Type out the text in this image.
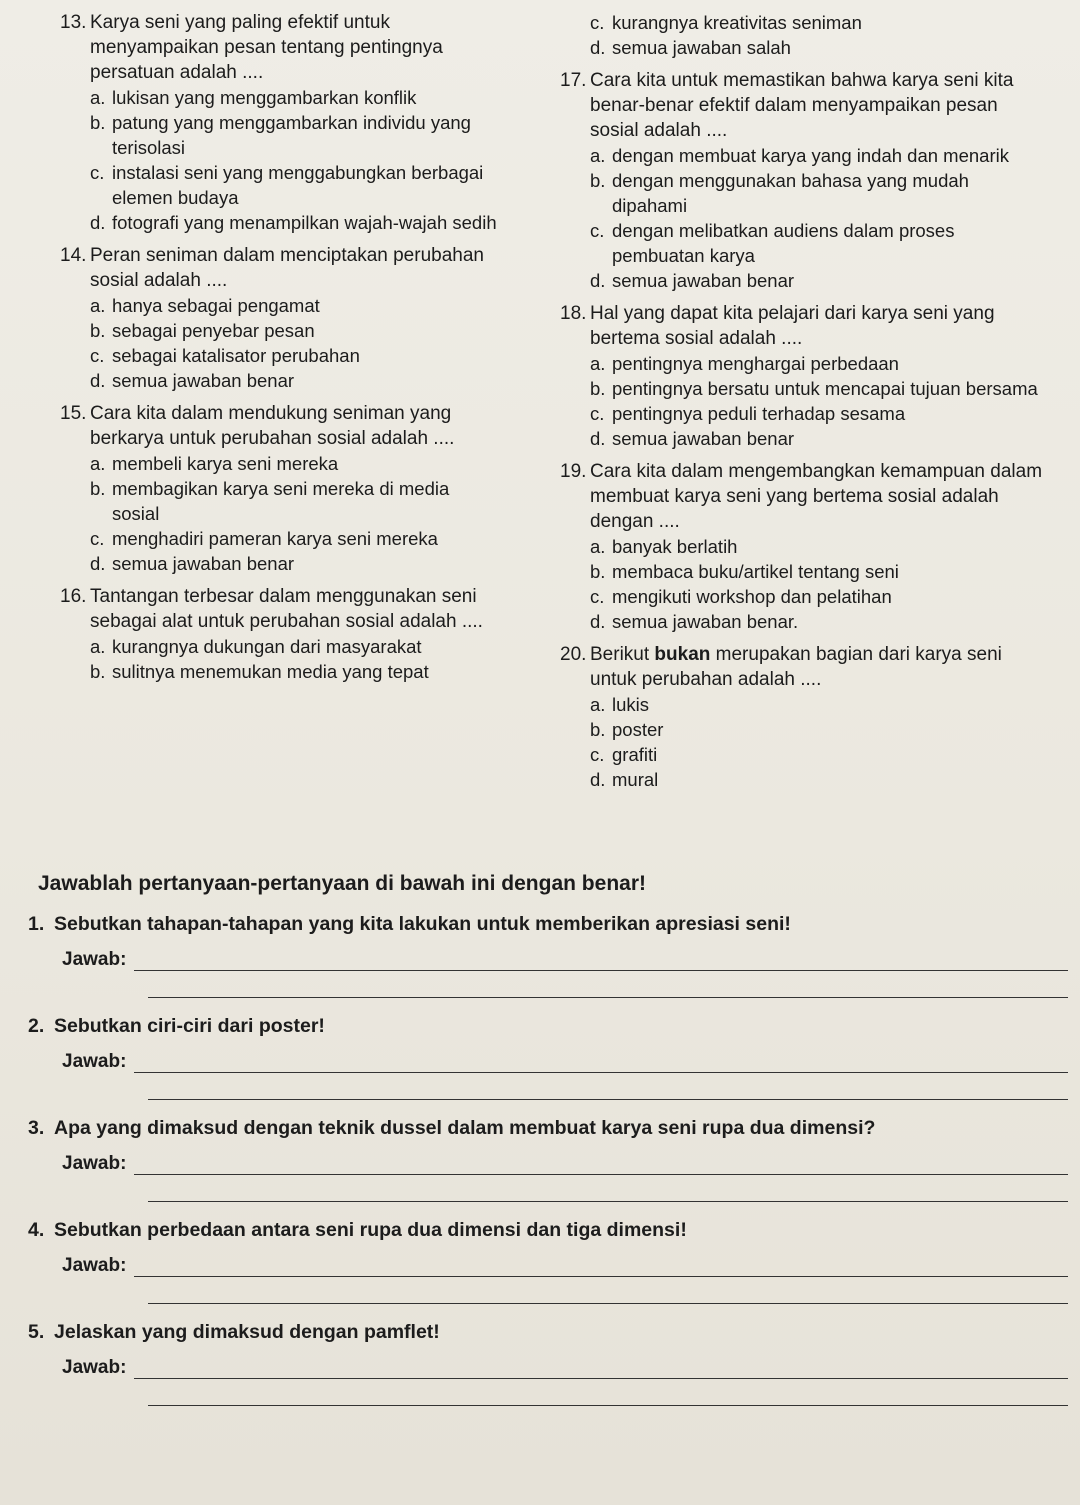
13. Karya seni yang paling efektif untuk menyampaikan pesan tentang pentingnya persatuan adalah ....
a. lukisan yang menggambarkan konflik
b. patung yang menggambarkan individu yang terisolasi
c. instalasi seni yang menggabungkan berbagai elemen budaya
d. fotografi yang menampilkan wajah-wajah sedih
14. Peran seniman dalam menciptakan perubahan sosial adalah ....
a. hanya sebagai pengamat
b. sebagai penyebar pesan
c. sebagai katalisator perubahan
d. semua jawaban benar
15. Cara kita dalam mendukung seniman yang berkarya untuk perubahan sosial adalah ....
a. membeli karya seni mereka
b. membagikan karya seni mereka di media sosial
c. menghadiri pameran karya seni mereka
d. semua jawaban benar
16. Tantangan terbesar dalam menggunakan seni sebagai alat untuk perubahan sosial adalah ....
a. kurangnya dukungan dari masyarakat
b. sulitnya menemukan media yang tepat
c. kurangnya kreativitas seniman
d. semua jawaban salah
17. Cara kita untuk memastikan bahwa karya seni kita benar-benar efektif dalam menyampaikan pesan sosial adalah ....
a. dengan membuat karya yang indah dan menarik
b. dengan menggunakan bahasa yang mudah dipahami
c. dengan melibatkan audiens dalam proses pembuatan karya
d. semua jawaban benar
18. Hal yang dapat kita pelajari dari karya seni yang bertema sosial adalah ....
a. pentingnya menghargai perbedaan
b. pentingnya bersatu untuk mencapai tujuan bersama
c. pentingnya peduli terhadap sesama
d. semua jawaban benar
19. Cara kita dalam mengembangkan kemampuan dalam membuat karya seni yang bertema sosial adalah dengan ....
a. banyak berlatih
b. membaca buku/artikel tentang seni
c. mengikuti workshop dan pelatihan
d. semua jawaban benar.
20. Berikut bukan merupakan bagian dari karya seni untuk perubahan adalah ....
a. lukis
b. poster
c. grafiti
d. mural
Jawablah pertanyaan-pertanyaan di bawah ini dengan benar!
1. Sebutkan tahapan-tahapan yang kita lakukan untuk memberikan apresiasi seni!
Jawab:
2. Sebutkan ciri-ciri dari poster!
Jawab:
3. Apa yang dimaksud dengan teknik dussel dalam membuat karya seni rupa dua dimensi?
Jawab:
4. Sebutkan perbedaan antara seni rupa dua dimensi dan tiga dimensi!
Jawab:
5. Jelaskan yang dimaksud dengan pamflet!
Jawab:
